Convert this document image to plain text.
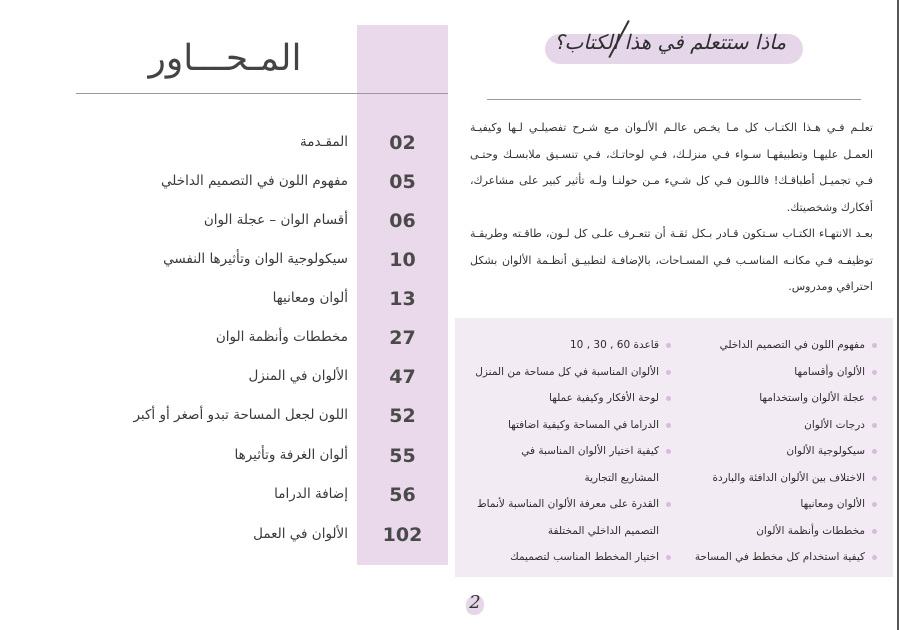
المـحـــاور
المقـدمة	02
مفهوم اللون في التصميم الداخلي	05
أقسام الوان – عجلة الوان	06
سيكولوجية الوان وتأثيرها النفسي	10
ألوان ومعانيها	13
مخططات وأنظمة الوان	27
الألوان في المنزل	47
اللون لجعل المساحة تبدو أصغر أو أكبر	52
ألوان الغرفة وتأثيرها	55
إضافة الدراما	56
الألوان في العمل	102
ماذا ستتعلم في هذا الكتاب؟

تعلـم فـي هـذا الكتـاب كل مـا يخـص عالـم الألـوان مـع شـرح تفصيلـي لـها وكيفيـة العمـل عليهـا وتطبيقهـا سـواء فـي منزلـك، فـي لوحاتـك، فـي تنسـيق ملابسـك وحتـى فـي تجميـل أطباقـك! فاللـون فـي كل شـيء مـن حولنـا ولـه تأثير كبير على مشاعرك، أفكارك وشخصيتك.

بعـد الانتهـاء الكتـاب سـتكون قـادر بـكل ثقـة أن تتعـرف علـى كل لـون، طاقـته وطريقـة توظيفـه فـي مكانـه المناسـب فـي المسـاحات، بالإضافـة لتطبيـق أنظـمة الألوان بشكل احترافي ومدروس.

مفهوم اللون في التصميم الداخلي
الألوان وأقسامها
عجلة الألوان واستخدامها
درجات الألوان
سيكولوجية الألوان
الاختلاف بين الألوان الدافئة والباردة
الألوان ومعانيها
مخططات وأنظمة الألوان
كيفية استخدام كل مخطط في المساحة
قاعدة 60 , 30 , 10
الألوان المناسبة في كل مساحة من المنزل
لوحة الأفكار وكيفية عملها
الدراما في المساحة وكيفية اضافتها
كيفية اختيار الألوان المناسبة في
المشاريع التجارية
القدرة على معرفة الألوان المناسبة لأنماط
التصميم الداخلي المختلفة
اختيار المخطط المناسب لتصميمك
2
